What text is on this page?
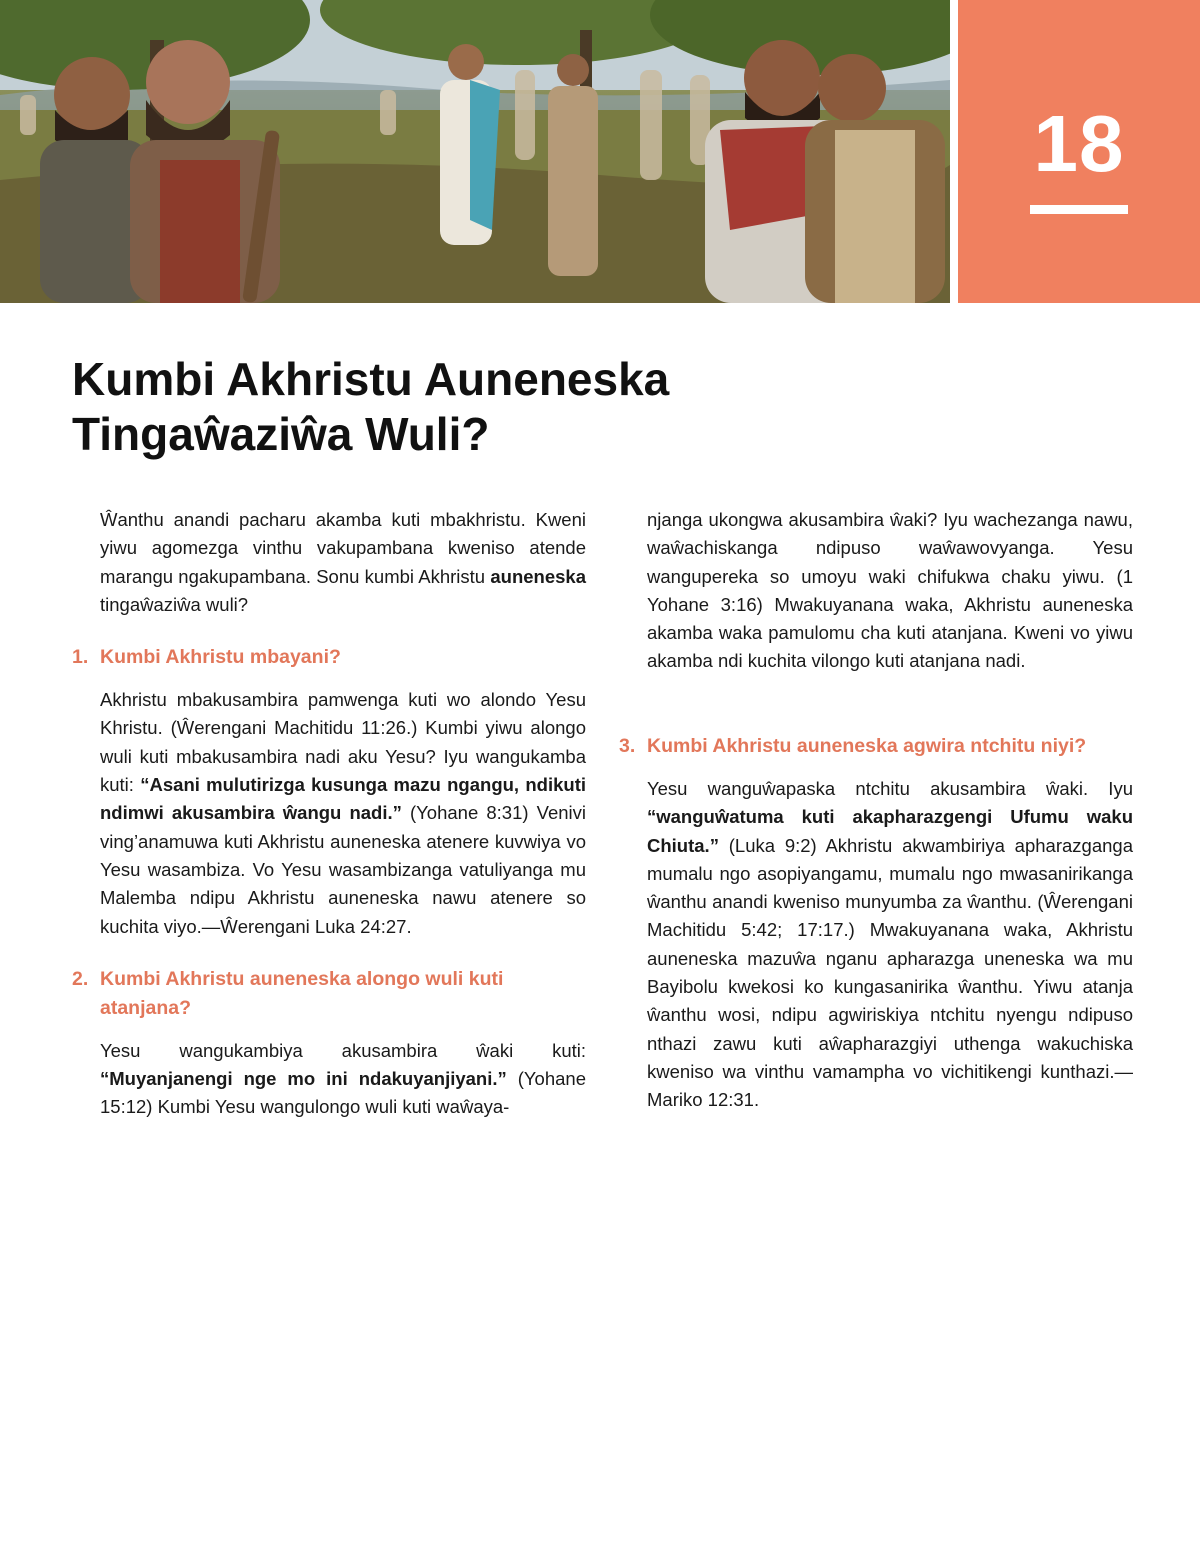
18
Kumbi Akhristu Auneneska
Tingaŵaziŵa Wuli?

Ŵanthu anandi pacharu akamba kuti mbakhristu. Kweni yiwu agomezga vinthu vakupambana kweniso atende marangu ngakupambana. Sonu kumbi Akhristu auneneska tingaŵaziŵa wuli?

1. Kumbi Akhristu mbayani?

Akhristu mbakusambira pamwenga kuti wo alondo Yesu Khristu. (Ŵerengani Machitidu 11:26.) Kumbi yiwu alongo wuli kuti mbakusambira nadi aku Yesu? Iyu wangukamba kuti: “Asani mulutirizga kusunga mazu ngangu, ndikuti ndimwi akusambira ŵangu nadi.” (Yohane 8:31) Venivi ving’anamuwa kuti Akhristu auneneska atenere kuvwiya vo Yesu wasambiza. Vo Yesu wasambizanga vatuliyanga mu Malemba ndipu Akhristu auneneska nawu atenere so kuchita viyo.—Ŵerengani Luka 24:27.

2. Kumbi Akhristu auneneska alongo wuli kuti atanjana?

Yesu wangukambiya akusambira ŵaki kuti: “Muyanjanengi nge mo ini ndakuyanjiyani.” (Yohane 15:12) Kumbi Yesu wangulongo wuli kuti waŵaya-

njanga ukongwa akusambira ŵaki? Iyu wachezanga nawu, waŵachiskanga ndipuso waŵawovyanga. Yesu wangupereka so umoyu waki chifukwa chaku yiwu. (1 Yohane 3:16) Mwakuyanana waka, Akhristu auneneska akamba waka pamulomu cha kuti atanjana. Kweni vo yiwu akamba ndi kuchita vilongo kuti atanjana nadi.

3. Kumbi Akhristu auneneska agwira ntchitu niyi?

Yesu wanguŵapaska ntchitu akusambira ŵaki. Iyu “wanguŵatuma kuti akapharazgengi Ufumu waku Chiuta.” (Luka 9:2) Akhristu akwambiriya apharazganga mumalu ngo asopiyangamu, mumalu ngo mwasanirikanga ŵanthu anandi kweniso munyumba za ŵanthu. (Ŵerengani Machitidu 5:42; 17:17.) Mwakuyanana waka, Akhristu auneneska mazuŵa nganu apharazga uneneska wa mu Bayibolu kwekosi ko kungasanirika ŵanthu. Yiwu atanja ŵanthu wosi, ndipu agwiriskiya ntchitu nyengu ndipuso nthazi zawu kuti aŵapharazgiyi uthenga wakuchiska kweniso wa vinthu vamampha vo vichitikengi kunthazi.—Mariko 12:31.
